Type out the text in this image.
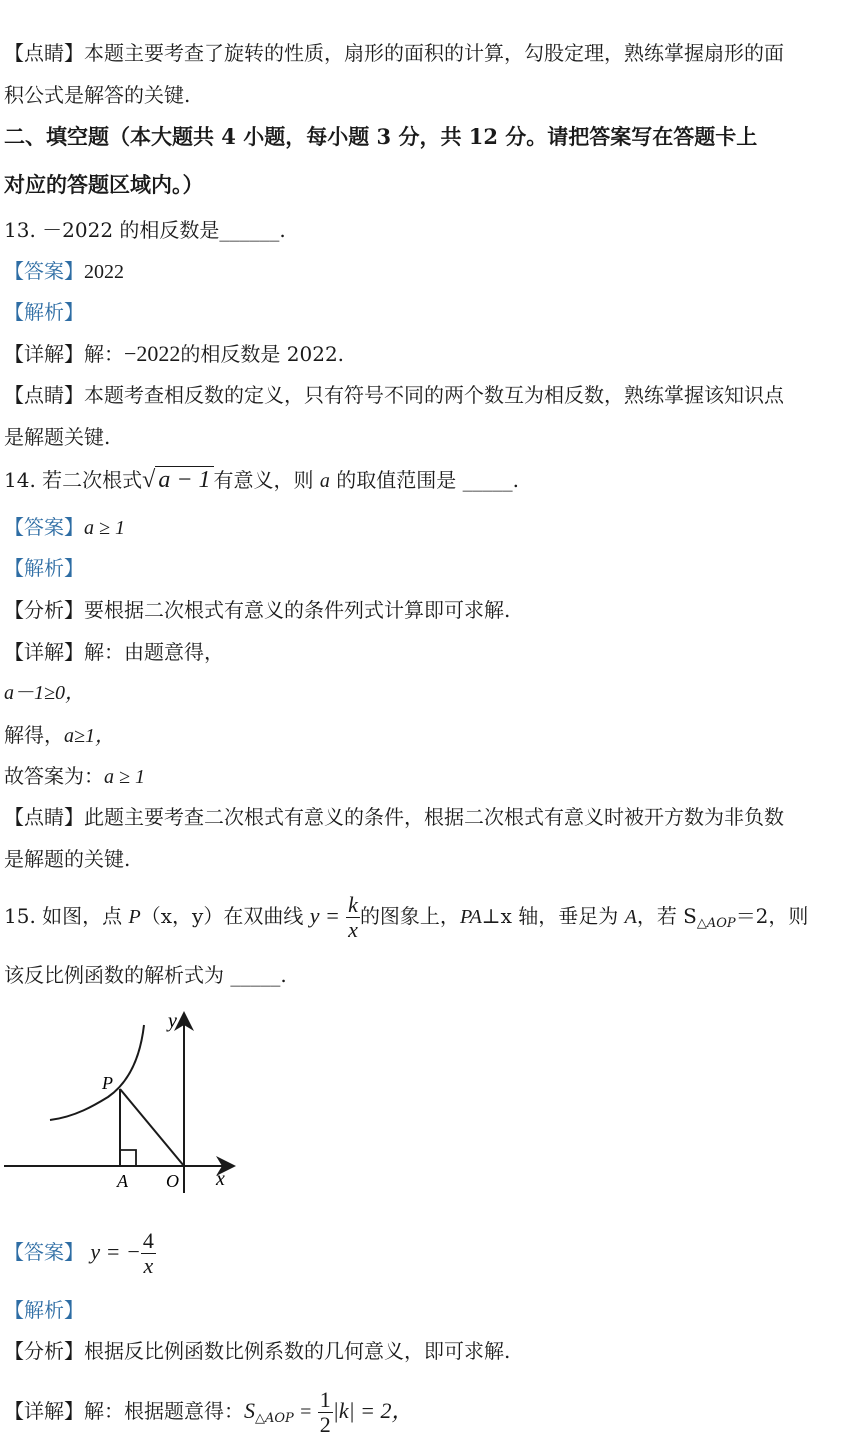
【点睛】本题主要考查了旋转的性质，扇形的面积的计算，勾股定理，熟练掌握扇形的面
积公式是解答的关键.
二、填空题（本大题共 4 小题，每小题 3 分，共 12 分。请把答案写在答题卡上
对应的答题区域内。）
13. －2022 的相反数是______.
【答案】2022
【解析】
【详解】解：−2022的相反数是 2022.
【点睛】本题考查相反数的定义，只有符号不同的两个数互为相反数，熟练掌握该知识点
是解题关键.
14. 若二次根式√ a − 1 有意义，则 a 的取值范围是 _____.
【答案】a ≥ 1
【解析】
【分析】要根据二次根式有意义的条件列式计算即可求解.
【详解】解：由题意得，
a－1≥0，
解得，a≥1，
故答案为：a ≥ 1
【点睛】此题主要考查二次根式有意义的条件，根据二次根式有意义时被开方数为非负数
是解题的关键.
15. 如图，点 P（x，y）在双曲线 $y = \frac{k}{x}$ 的图象上，PA⊥x 轴，垂足为 A，若 $S_{\triangle AOP}=2$，则
该反比例函数的解析式为 _____.
y
x
P
A O
【答案】 y = − $\frac{4}{x}$
【解析】
【分析】根据反比例函数比例系数的几何意义，即可求解.
【详解】解：根据题意得：$S_{\triangle AOP} = \frac{1}{2} |k| = 2$，
